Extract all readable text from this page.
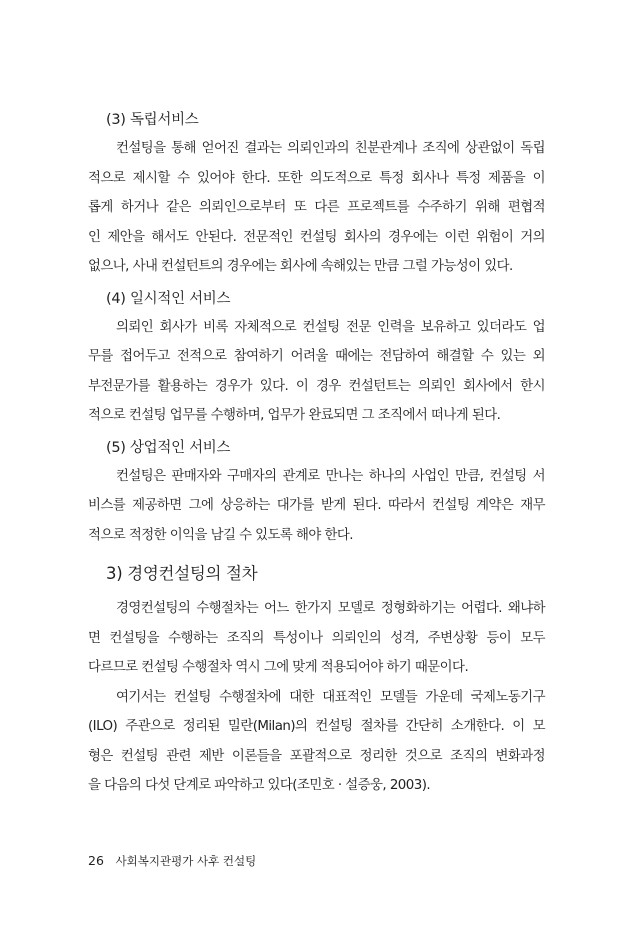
(3) 독립서비스
컨설팅을 통해 얻어진 결과는 의뢰인과의 친분관계나 조직에 상관없이 독립
적으로 제시할 수 있어야 한다. 또한 의도적으로 특정 회사나 특정 제품을 이
롭게 하거나 같은 의뢰인으로부터 또 다른 프로젝트를 수주하기 위해 편협적
인 제안을 해서도 안된다. 전문적인 컨설팅 회사의 경우에는 이런 위험이 거의
없으나, 사내 컨설턴트의 경우에는 회사에 속해있는 만큼 그럴 가능성이 있다.
(4) 일시적인 서비스
의뢰인 회사가 비록 자체적으로 컨설팅 전문 인력을 보유하고 있더라도 업
무를 접어두고 전적으로 참여하기 어려울 때에는 전담하여 해결할 수 있는 외
부전문가를 활용하는 경우가 있다. 이 경우 컨설턴트는 의뢰인 회사에서 한시
적으로 컨설팅 업무를 수행하며, 업무가 완료되면 그 조직에서 떠나게 된다.
(5) 상업적인 서비스
컨설팅은 판매자와 구매자의 관계로 만나는 하나의 사업인 만큼, 컨설팅 서
비스를 제공하면 그에 상응하는 대가를 받게 된다. 따라서 컨설팅 계약은 재무
적으로 적정한 이익을 남길 수 있도록 해야 한다.
3) 경영컨설팅의 절차
경영컨설팅의 수행절차는 어느 한가지 모델로 정형화하기는 어렵다. 왜냐하
면 컨설팅을 수행하는 조직의 특성이나 의뢰인의 성격, 주변상황 등이 모두
다르므로 컨설팅 수행절차 역시 그에 맞게 적용되어야 하기 때문이다.
여기서는 컨설팅 수행절차에 대한 대표적인 모델들 가운데 국제노동기구
(ILO) 주관으로 정리된 밀란(Milan)의 컨설팅 절차를 간단히 소개한다. 이 모
형은 컨설팅 관련 제반 이론들을 포괄적으로 정리한 것으로 조직의 변화과정
을 다음의 다섯 단계로 파악하고 있다(조민호 · 설증웅, 2003).
26 사회복지관평가 사후 컨설팅
